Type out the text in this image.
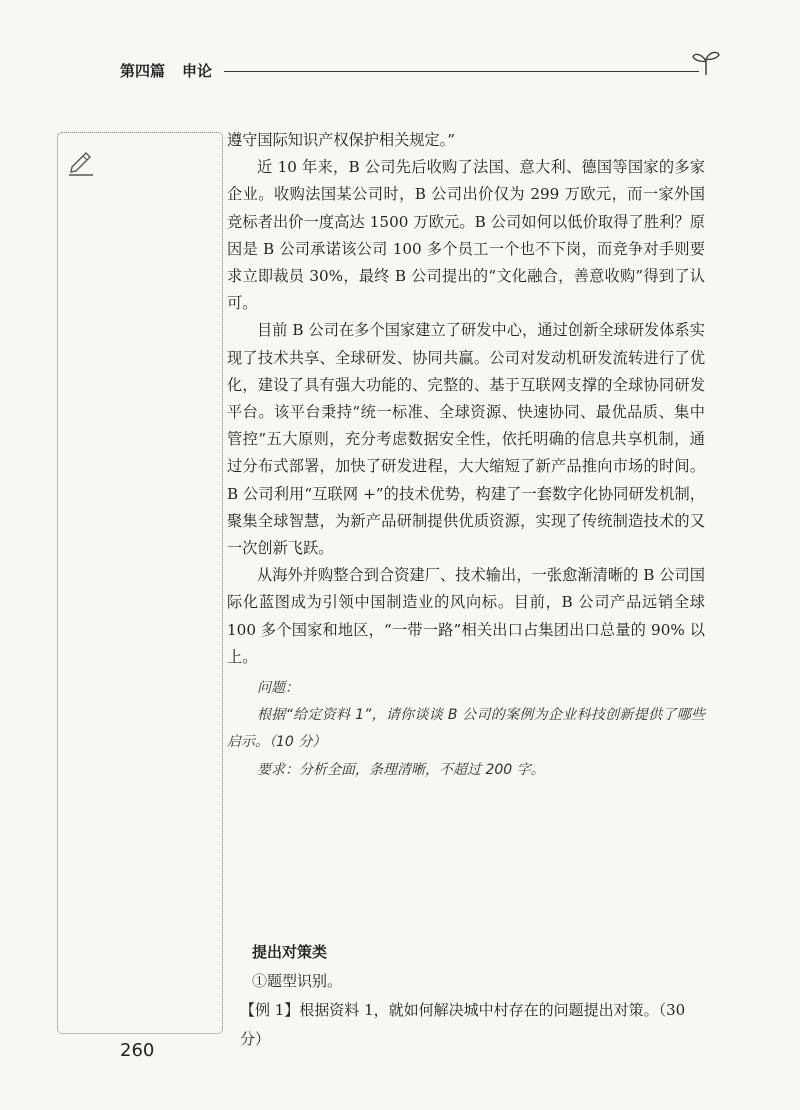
第四篇 申论

遵守国际知识产权保护相关规定。”

近 10 年来，B 公司先后收购了法国、意大利、德国等国家的多家企业。收购法国某公司时，B 公司出价仅为 299 万欧元，而一家外国竞标者出价一度高达 1500 万欧元。B 公司如何以低价取得了胜利？原因是 B 公司承诺该公司 100 多个员工一个也不下岗，而竞争对手则要求立即裁员 30%，最终 B 公司提出的“文化融合，善意收购”得到了认可。

目前 B 公司在多个国家建立了研发中心，通过创新全球研发体系实现了技术共享、全球研发、协同共赢。公司对发动机研发流转进行了优化，建设了具有强大功能的、完整的、基于互联网支撑的全球协同研发平台。该平台秉持“统一标准、全球资源、快速协同、最优品质、集中管控”五大原则，充分考虑数据安全性，依托明确的信息共享机制，通过分布式部署，加快了研发进程，大大缩短了新产品推向市场的时间。B 公司利用“互联网 +”的技术优势，构建了一套数字化协同研发机制，聚集全球智慧，为新产品研制提供优质资源，实现了传统制造技术的又一次创新飞跃。

从海外并购整合到合资建厂、技术输出，一张愈渐清晰的 B 公司国际化蓝图成为引领中国制造业的风向标。目前，B 公司产品远销全球 100 多个国家和地区，“一带一路”相关出口占集团出口总量的 90% 以上。

问题：

根据“给定资料 1”，请你谈谈 B 公司的案例为企业科技创新提供了哪些启示。（10 分）

要求：分析全面，条理清晰，不超过 200 字。

提出对策类

①题型识别。

【例 1】根据资料 1，就如何解决城中村存在的问题提出对策。（30 分）

260
